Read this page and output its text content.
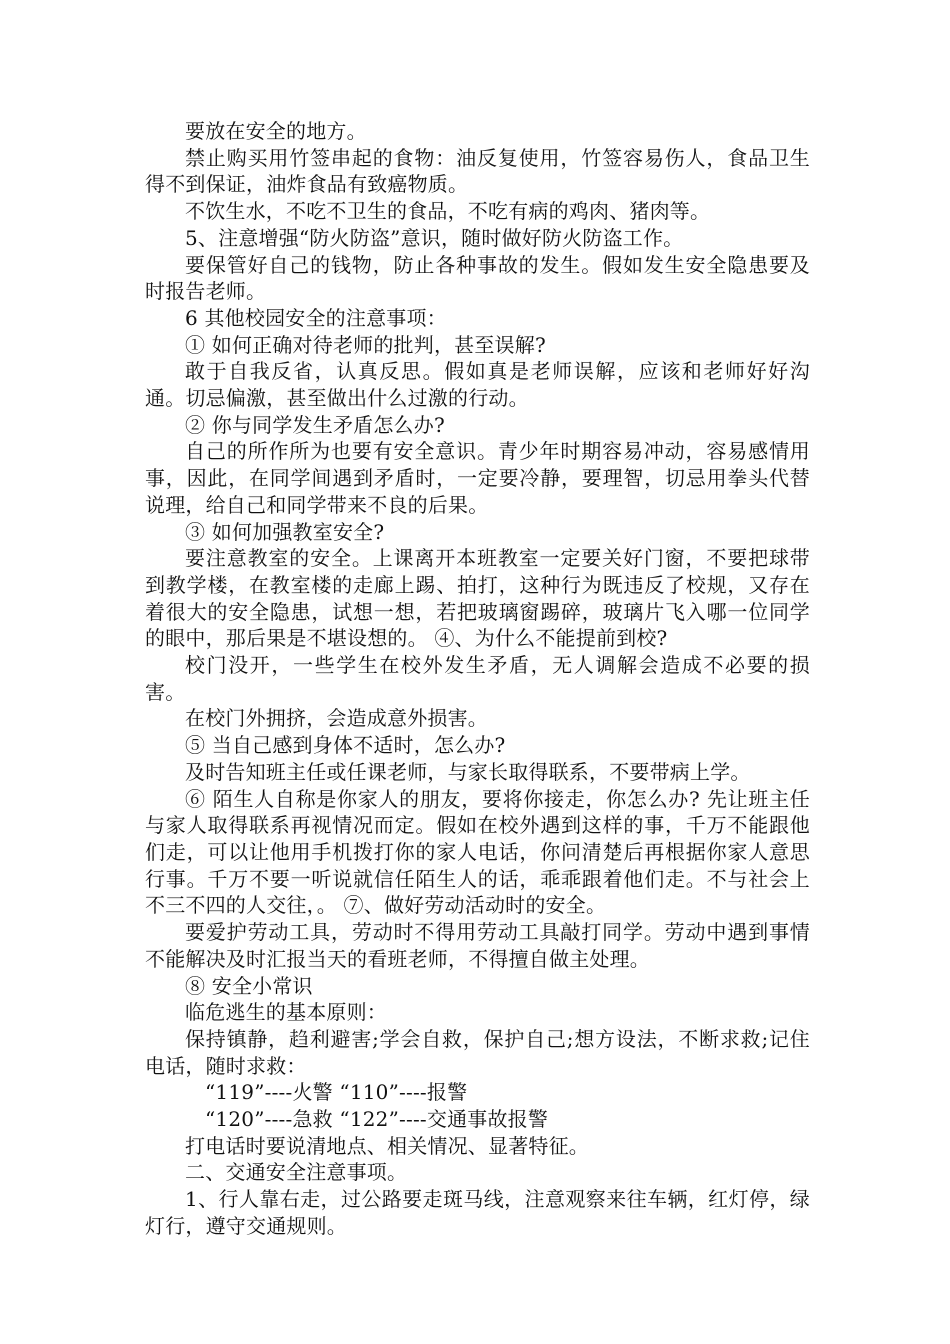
要放在安全的地方。

禁止购买用竹签串起的食物：油反复使用，竹签容易伤人，食品卫生得不到保证，油炸食品有致癌物质。

不饮生水，不吃不卫生的食品，不吃有病的鸡肉、猪肉等。

5、注意增强“防火防盗”意识，随时做好防火防盗工作。

要保管好自己的钱物，防止各种事故的发生。假如发生安全隐患要及时报告老师。

6 其他校园安全的注意事项：

① 如何正确对待老师的批判，甚至误解?

敢于自我反省，认真反思。假如真是老师误解，应该和老师好好沟通。切忌偏激，甚至做出什么过激的行动。

② 你与同学发生矛盾怎么办?

自己的所作所为也要有安全意识。青少年时期容易冲动，容易感情用事，因此，在同学间遇到矛盾时，一定要冷静，要理智，切忌用拳头代替说理，给自己和同学带来不良的后果。

③ 如何加强教室安全?

要注意教室的安全。上课离开本班教室一定要关好门窗，不要把球带到教学楼，在教室楼的走廊上踢、拍打，这种行为既违反了校规，又存在着很大的安全隐患，试想一想，若把玻璃窗踢碎，玻璃片飞入哪一位同学的眼中，那后果是不堪设想的。 ④、为什么不能提前到校?

校门没开，一些学生在校外发生矛盾，无人调解会造成不必要的损害。

在校门外拥挤，会造成意外损害。

⑤ 当自己感到身体不适时，怎么办?

及时告知班主任或任课老师，与家长取得联系，不要带病上学。

⑥ 陌生人自称是你家人的朋友，要将你接走，你怎么办? 先让班主任与家人取得联系再视情况而定。假如在校外遇到这样的事，千万不能跟他们走，可以让他用手机拨打你的家人电话，你问清楚后再根据你家人意思行事。千万不要一听说就信任陌生人的话，乖乖跟着他们走。不与社会上不三不四的人交往，。 ⑦、做好劳动活动时的安全。

要爱护劳动工具，劳动时不得用劳动工具敲打同学。劳动中遇到事情不能解决及时汇报当天的看班老师，不得擅自做主处理。

⑧ 安全小常识

临危逃生的基本原则：

保持镇静，趋利避害;学会自救，保护自己;想方设法，不断求救;记住电话，随时求救：

“119”----火警 “110”----报警

“120”----急救 “122”----交通事故报警

打电话时要说清地点、相关情况、显著特征。

二、交通安全注意事项。

1、行人靠右走，过公路要走斑马线，注意观察来往车辆，红灯停，绿灯行，遵守交通规则。
